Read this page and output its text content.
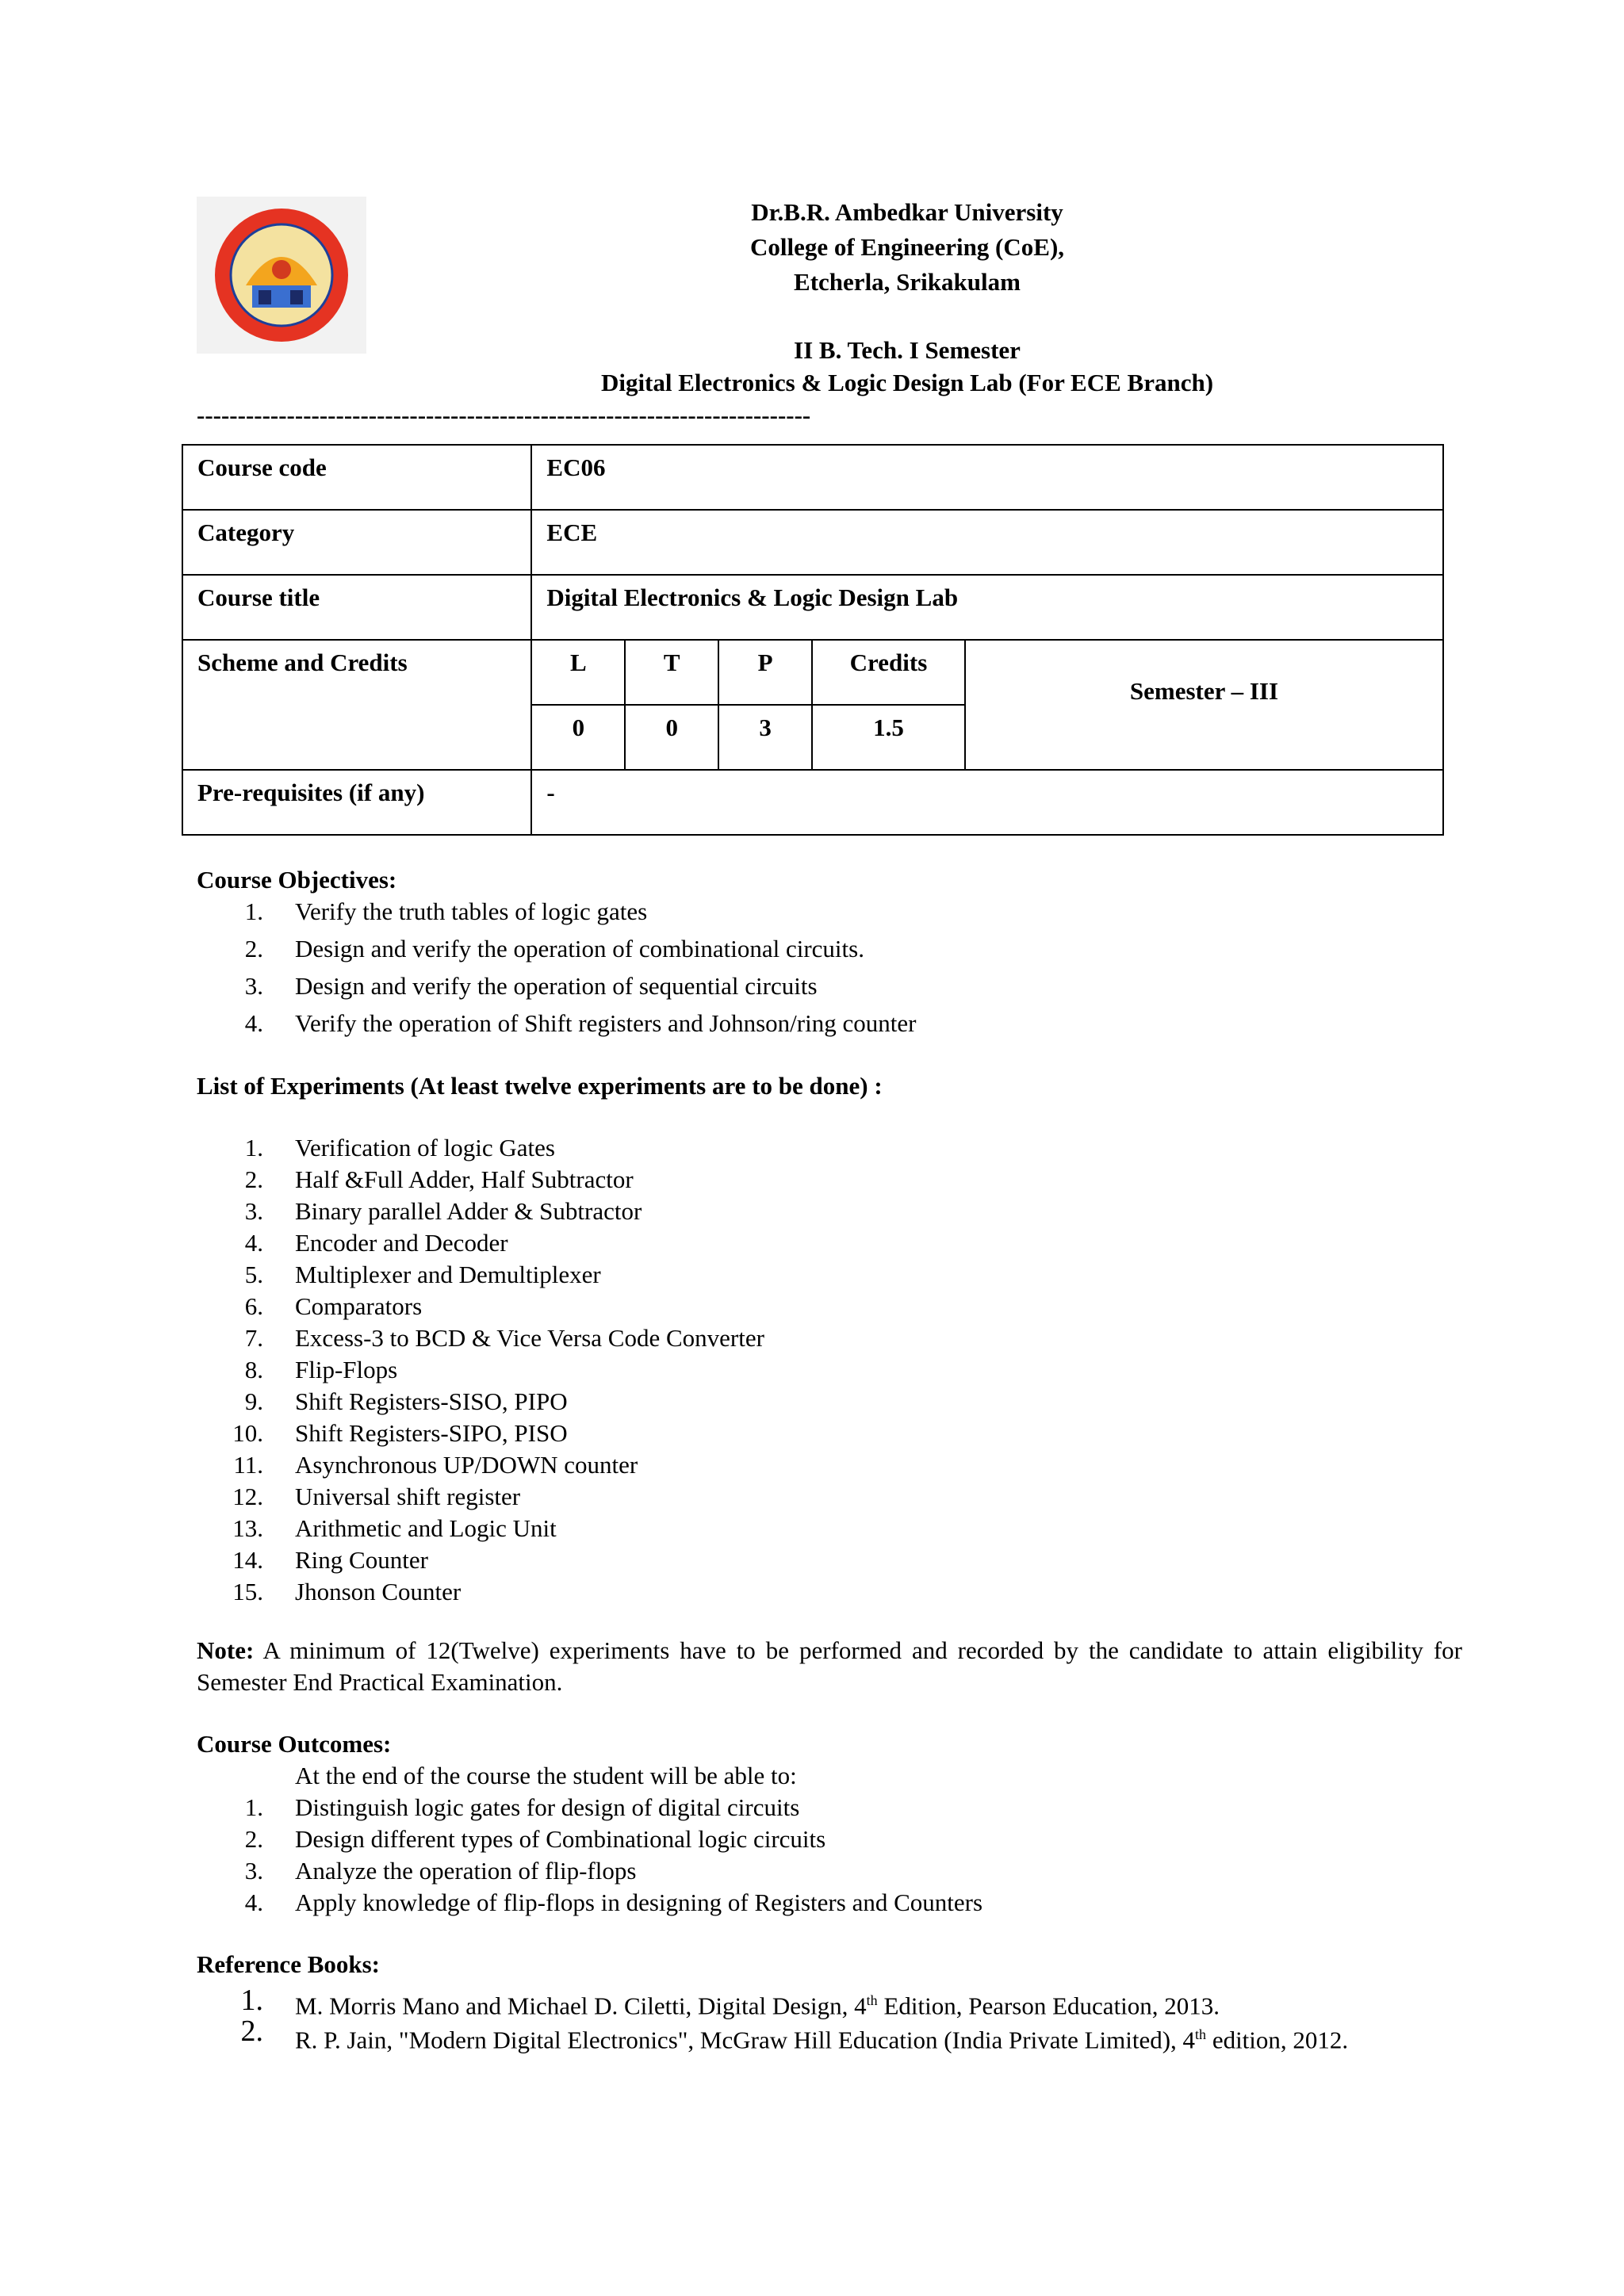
Dr.B.R. Ambedkar University
College of Engineering (CoE),
Etcherla, Srikakulam
II B. Tech. I Semester
Digital Electronics & Logic Design Lab (For ECE Branch)
---------------------------------------------------------------------------
Course code	EC06				
Category	ECE				
Course title	Digital Electronics & Logic Design Lab				
Scheme and Credits	L	T	P	Credits	Semester – III
	0	0	3	1.5	
Pre-requisites (if any)	-				
Course Objectives:
1. Verify the truth tables of logic gates
2. Design and verify the operation of combinational circuits.
3. Design and verify the operation of sequential circuits
4. Verify the operation of Shift registers and Johnson/ring counter
List of Experiments (At least twelve experiments are to be done) :
1. Verification of logic Gates
2. Half &Full Adder, Half Subtractor
3. Binary parallel Adder & Subtractor
4. Encoder and Decoder
5. Multiplexer and Demultiplexer
6. Comparators
7. Excess-3 to BCD & Vice Versa Code Converter
8. Flip-Flops
9. Shift Registers-SISO, PIPO
10. Shift Registers-SIPO, PISO
11. Asynchronous UP/DOWN counter
12. Universal shift register
13. Arithmetic and Logic Unit
14. Ring Counter
15. Jhonson Counter
Note: A minimum of 12(Twelve) experiments have to be performed and recorded by the candidate to attain eligibility for Semester End Practical Examination.
Course Outcomes:
At the end of the course the student will be able to:
1. Distinguish logic gates for design of digital circuits
2. Design different types of Combinational logic circuits
3. Analyze the operation of flip-flops
4. Apply knowledge of flip-flops in designing of Registers and Counters
Reference Books:
1. M. Morris Mano and Michael D. Ciletti, Digital Design, 4th Edition, Pearson Education, 2013.
2. R. P. Jain, "Modern Digital Electronics", McGraw Hill Education (India Private Limited), 4th edition, 2012.
